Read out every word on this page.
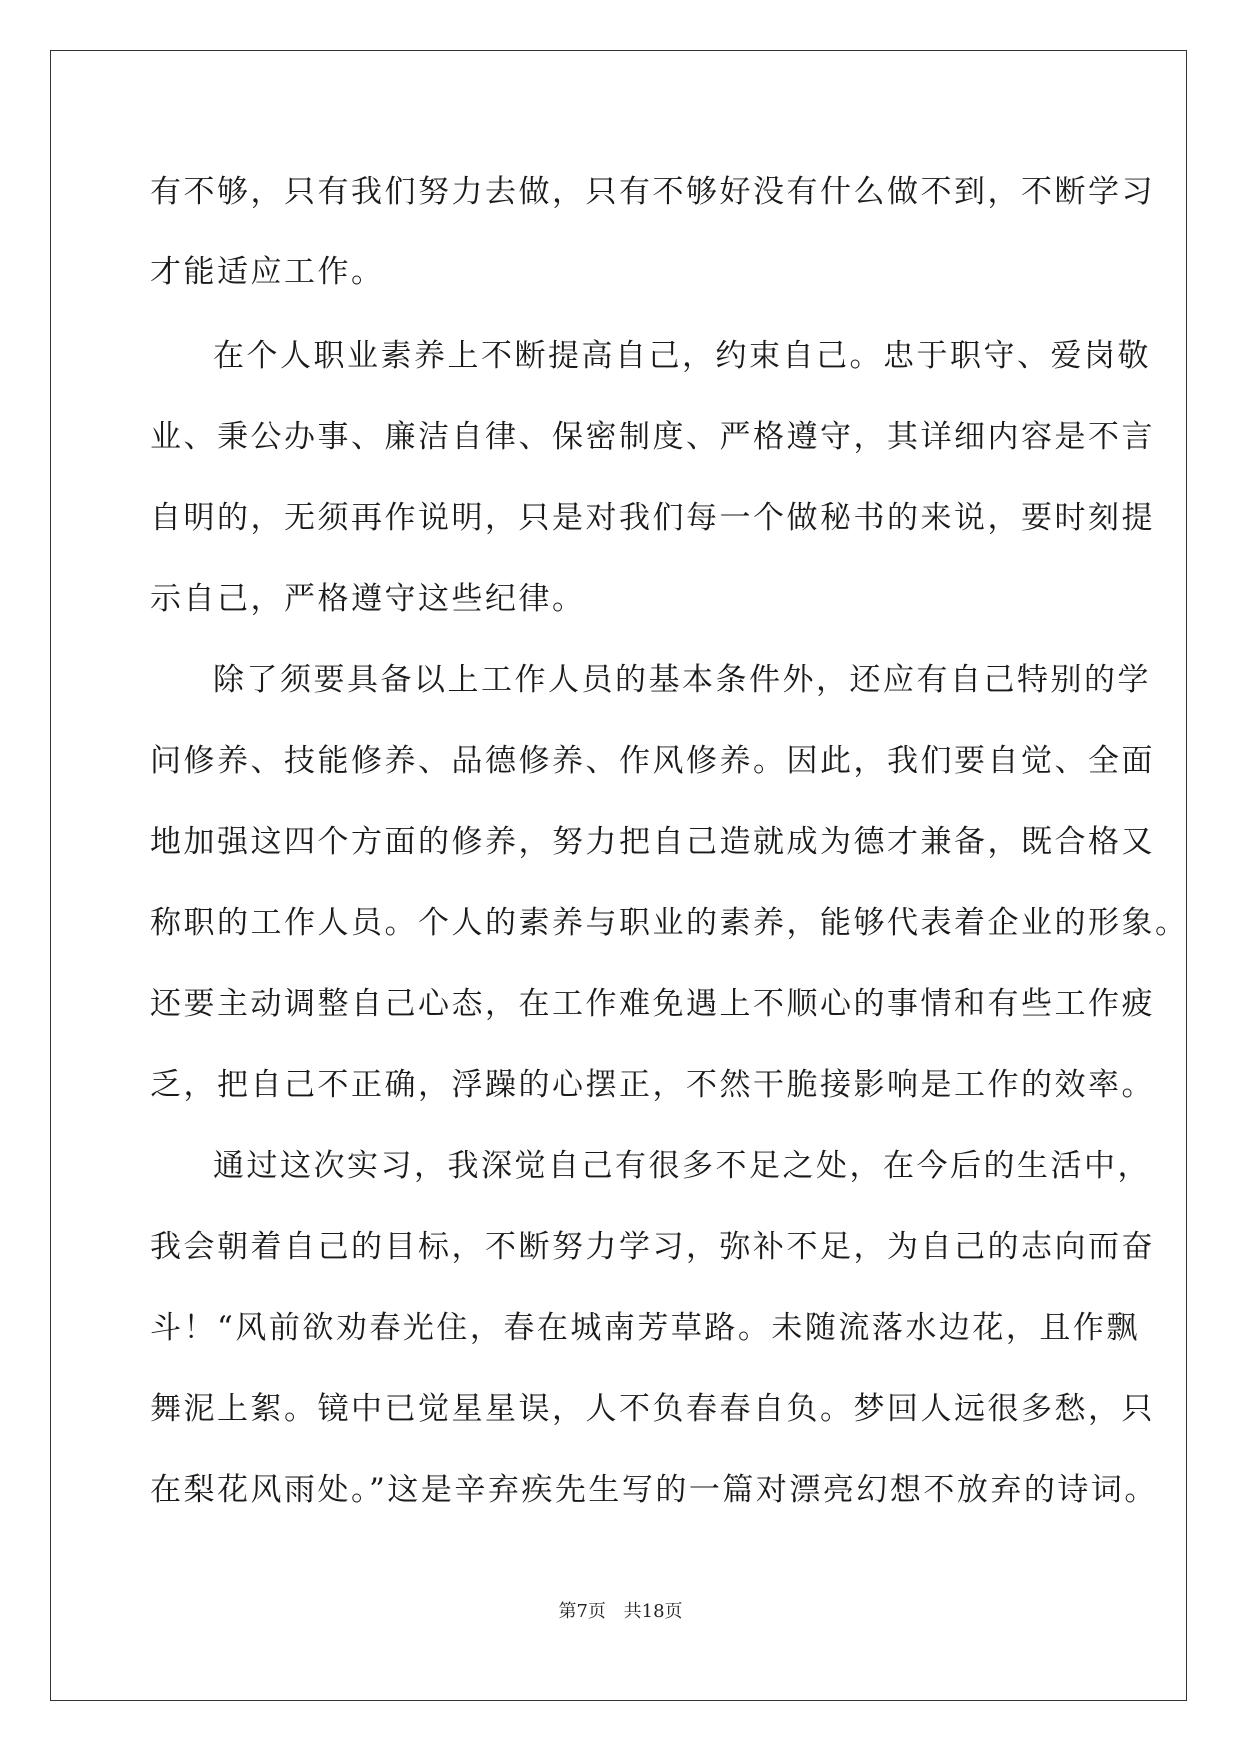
有不够，只有我们努力去做，只有不够好没有什么做不到，不断学习
才能适应工作。
在个人职业素养上不断提高自己，约束自己。忠于职守、爱岗敬
业、秉公办事、廉洁自律、保密制度、严格遵守，其详细内容是不言
自明的，无须再作说明，只是对我们每一个做秘书的来说，要时刻提
示自己，严格遵守这些纪律。
除了须要具备以上工作人员的基本条件外，还应有自己特别的学
问修养、技能修养、品德修养、作风修养。因此，我们要自觉、全面
地加强这四个方面的修养，努力把自己造就成为德才兼备，既合格又
称职的工作人员。个人的素养与职业的素养，能够代表着企业的形象。
还要主动调整自己心态，在工作难免遇上不顺心的事情和有些工作疲
乏，把自己不正确，浮躁的心摆正，不然干脆接影响是工作的效率。
通过这次实习，我深觉自己有很多不足之处，在今后的生活中，
我会朝着自己的目标，不断努力学习，弥补不足，为自己的志向而奋
斗！“风前欲劝春光住，春在城南芳草路。未随流落水边花，且作飘
舞泥上絮。镜中已觉星星误，人不负春春自负。梦回人远很多愁，只
在梨花风雨处。”这是辛弃疾先生写的一篇对漂亮幻想不放弃的诗词。
第7页 共18页
